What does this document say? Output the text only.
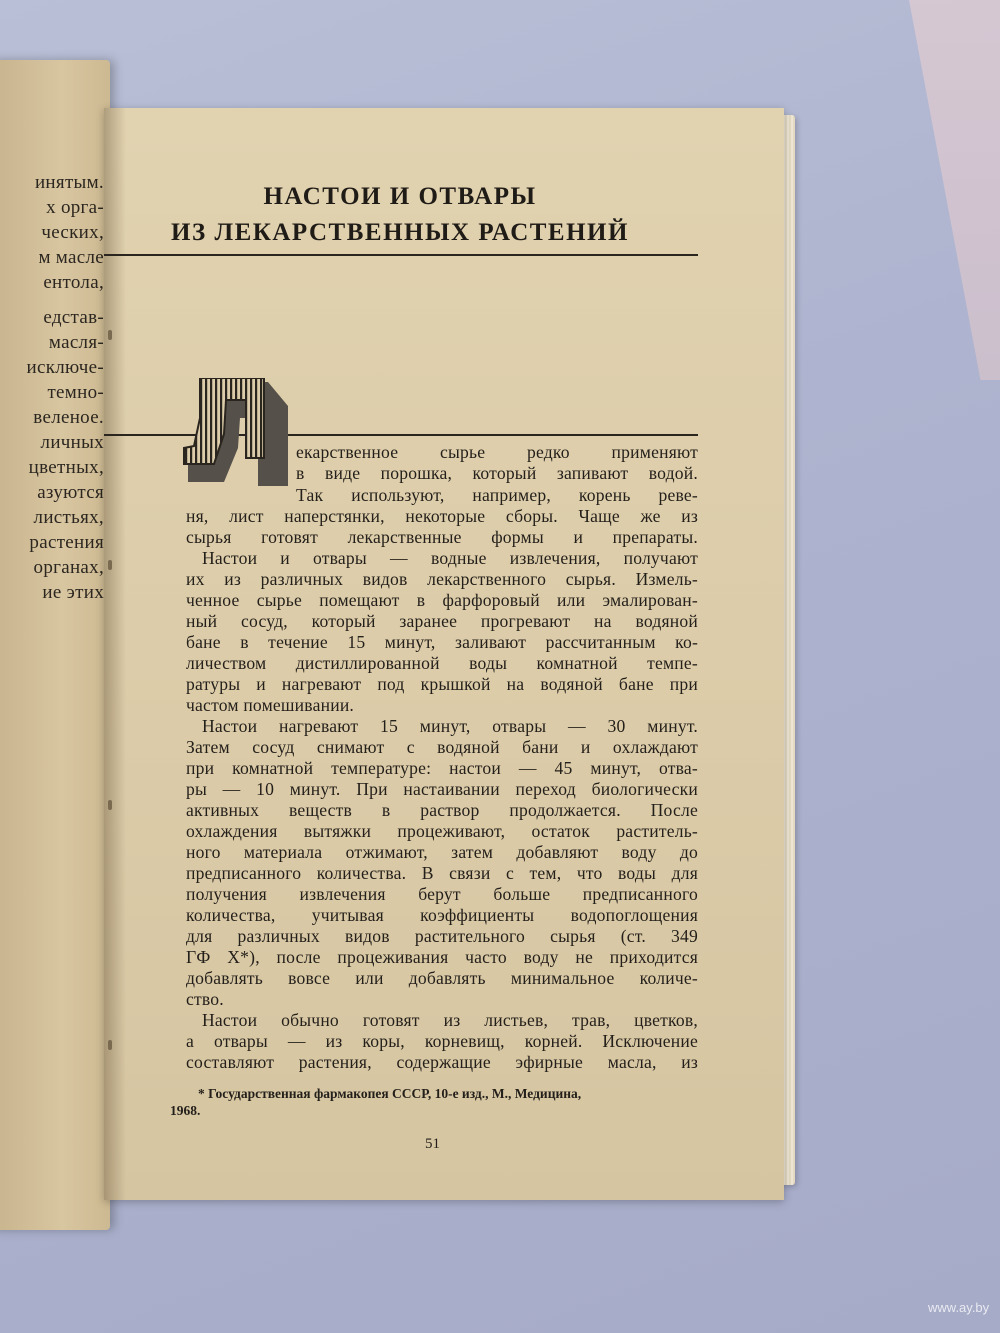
инятым.
х орга-
ческих,
м масле
ентола,
едстав-
масля-
исключе-
темно-
веленое.
личных
цветных,
азуются
листьях,
растения
органах,
ие этих
НАСТОИ И ОТВАРЫ
ИЗ ЛЕКАРСТВЕННЫХ РАСТЕНИЙ
Л
екарственное сырье редко применяют
в виде порошка, который запивают водой.
Так используют, например, корень реве-
ня, лист наперстянки, некоторые сборы. Чаще же из
сырья готовят лекарственные формы и препараты.
Настои и отвары — водные извлечения, получают
их из различных видов лекарственного сырья. Измель-
ченное сырье помещают в фарфоровый или эмалирован-
ный сосуд, который заранее прогревают на водяной
бане в течение 15 минут, заливают рассчитанным ко-
личеством дистиллированной воды комнатной темпе-
ратуры и нагревают под крышкой на водяной бане при
частом помешивании.
Настои нагревают 15 минут, отвары — 30 минут.
Затем сосуд снимают с водяной бани и охлаждают
при комнатной температуре: настои — 45 минут, отва-
ры — 10 минут. При настаивании переход биологически
активных веществ в раствор продолжается. После
охлаждения вытяжки процеживают, остаток раститель-
ного материала отжимают, затем добавляют воду до
предписанного количества. В связи с тем, что воды для
получения извлечения берут больше предписанного
количества, учитывая коэффициенты водопоглощения
для различных видов растительного сырья (ст. 349
ГФ X*), после процеживания часто воду не приходится
добавлять вовсе или добавлять минимальное количе-
ство.
Настои обычно готовят из листьев, трав, цветков,
а отвары — из коры, корневищ, корней. Исключение
составляют растения, содержащие эфирные масла, из
* Государственная фармакопея СССР, 10-е изд., М., Медицина,
1968.
51
www.ay.by
